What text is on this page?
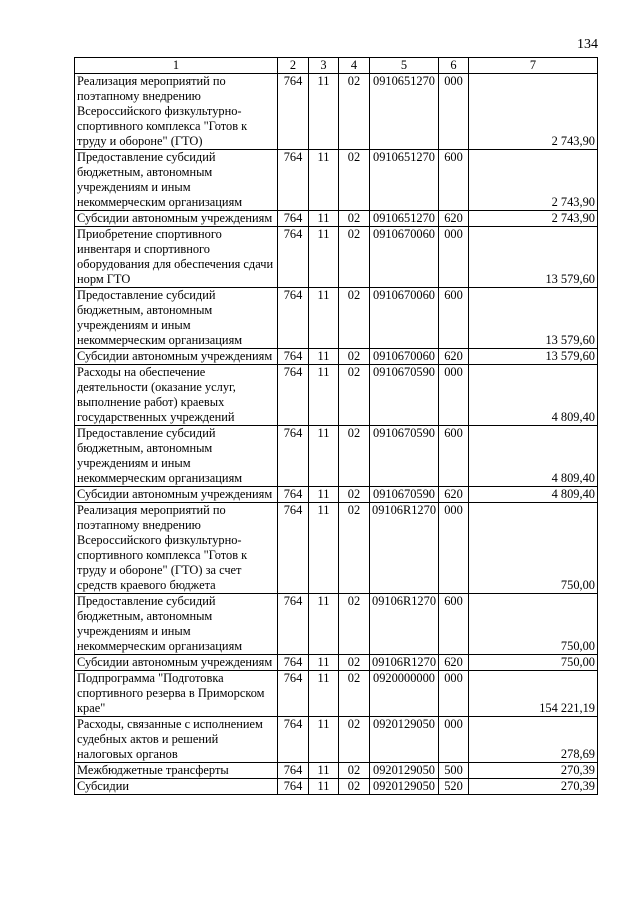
134
1	2	3	4	5	6	7
Реализация мероприятий по поэтапному внедрению Всероссийского физкультурно-спортивного комплекса "Готов к труду и обороне" (ГТО)	764	11	02	0910651270	000	2 743,90
Предоставление субсидий бюджетным, автономным учреждениям и иным некоммерческим организациям	764	11	02	0910651270	600	2 743,90
Субсидии автономным учреждениям	764	11	02	0910651270	620	2 743,90
Приобретение спортивного инвентаря и спортивного оборудования для обеспечения сдачи норм ГТО	764	11	02	0910670060	000	13 579,60
Предоставление субсидий бюджетным, автономным учреждениям и иным некоммерческим организациям	764	11	02	0910670060	600	13 579,60
Субсидии автономным учреждениям	764	11	02	0910670060	620	13 579,60
Расходы на обеспечение деятельности (оказание услуг, выполнение работ) краевых государственных учреждений	764	11	02	0910670590	000	4 809,40
Предоставление субсидий бюджетным, автономным учреждениям и иным некоммерческим организациям	764	11	02	0910670590	600	4 809,40
Субсидии автономным учреждениям	764	11	02	0910670590	620	4 809,40
Реализация мероприятий по поэтапному внедрению Всероссийского физкультурно-спортивного комплекса "Готов к труду и обороне" (ГТО) за счет средств краевого бюджета	764	11	02	09106R1270	000	750,00
Предоставление субсидий бюджетным, автономным учреждениям и иным некоммерческим организациям	764	11	02	09106R1270	600	750,00
Субсидии автономным учреждениям	764	11	02	09106R1270	620	750,00
Подпрограмма "Подготовка спортивного резерва в Приморском крае"	764	11	02	0920000000	000	154 221,19
Расходы, связанные с исполнением судебных актов и решений налоговых органов	764	11	02	0920129050	000	278,69
Межбюджетные трансферты	764	11	02	0920129050	500	270,39
Субсидии	764	11	02	0920129050	520	270,39
